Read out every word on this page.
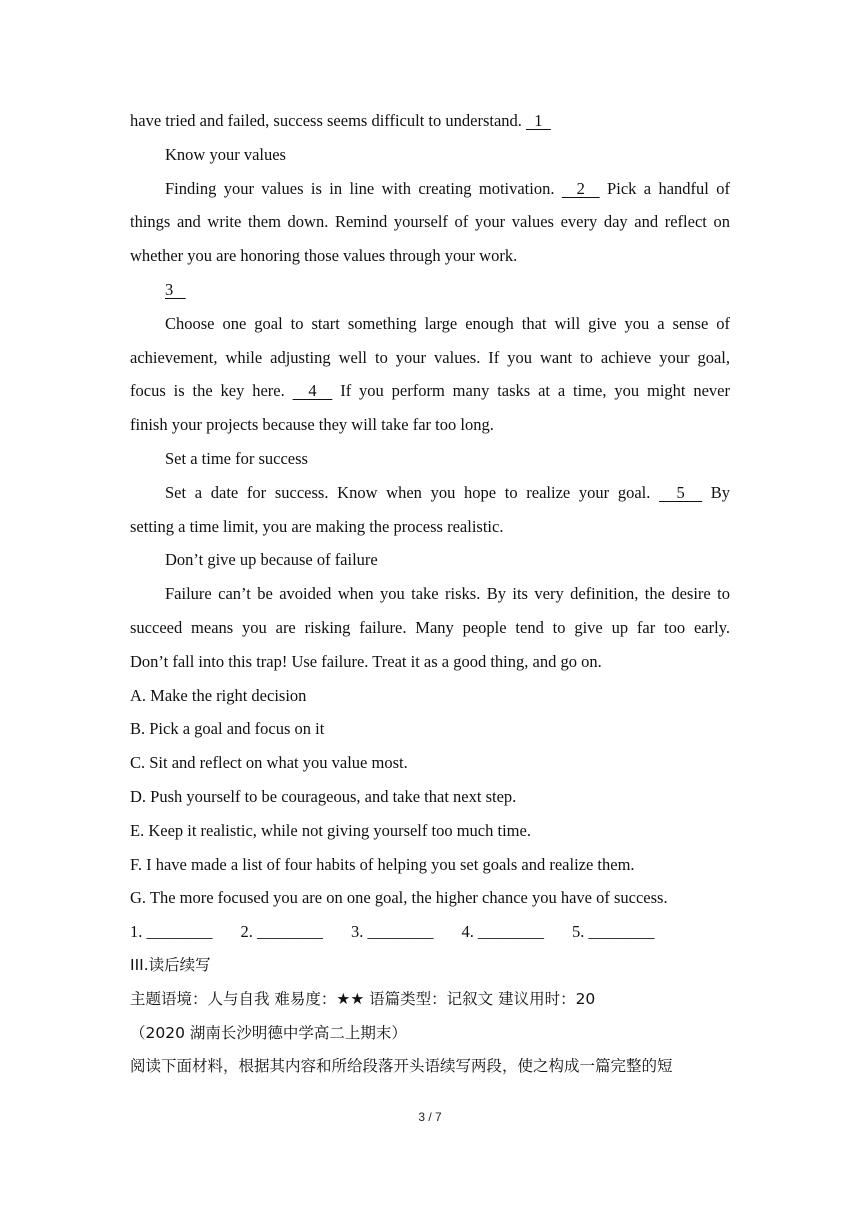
have tried and failed, success seems difficult to understand.   1
Know your values
Finding your values is in line with creating motivation.   2   Pick a handful of
things and write them down. Remind yourself of your values every day and reflect on
whether you are honoring those values through your work.
3
Choose one goal to start something large enough that will give you a sense of
achievement, while adjusting well to your values. If you want to achieve your goal,
focus is the key here.   4   If you perform many tasks at a time, you might never
finish your projects because they will take far too long.
Set a time for success
Set a date for success. Know when you hope to realize your goal.   5   By
setting a time limit, you are making the process realistic.
Don’t give up because of failure
Failure can’t be avoided when you take risks. By its very definition, the desire to
succeed means you are risking failure. Many people tend to give up far too early.
Don’t fall into this trap! Use failure. Treat it as a good thing, and go on.
A. Make the right decision
B. Pick a goal and focus on it
C. Sit and reflect on what you value most.
D. Push yourself to be courageous, and take that next step.
E. Keep it realistic, while not giving yourself too much time.
F. I have made a list of four habits of helping you set goals and realize them.
G. The more focused you are on one goal, the higher chance you have of success.
1. ________ 2. ________ 3. ________ 4. ________ 5. ________
III.读后续写
主题语境：人与自我 难易度：★★ 语篇类型：记叙文 建议用时：20
（2020 湖南长沙明德中学高二上期末）
阅读下面材料，根据其内容和所给段落开头语续写两段，使之构成一篇完整的短
3 / 7
